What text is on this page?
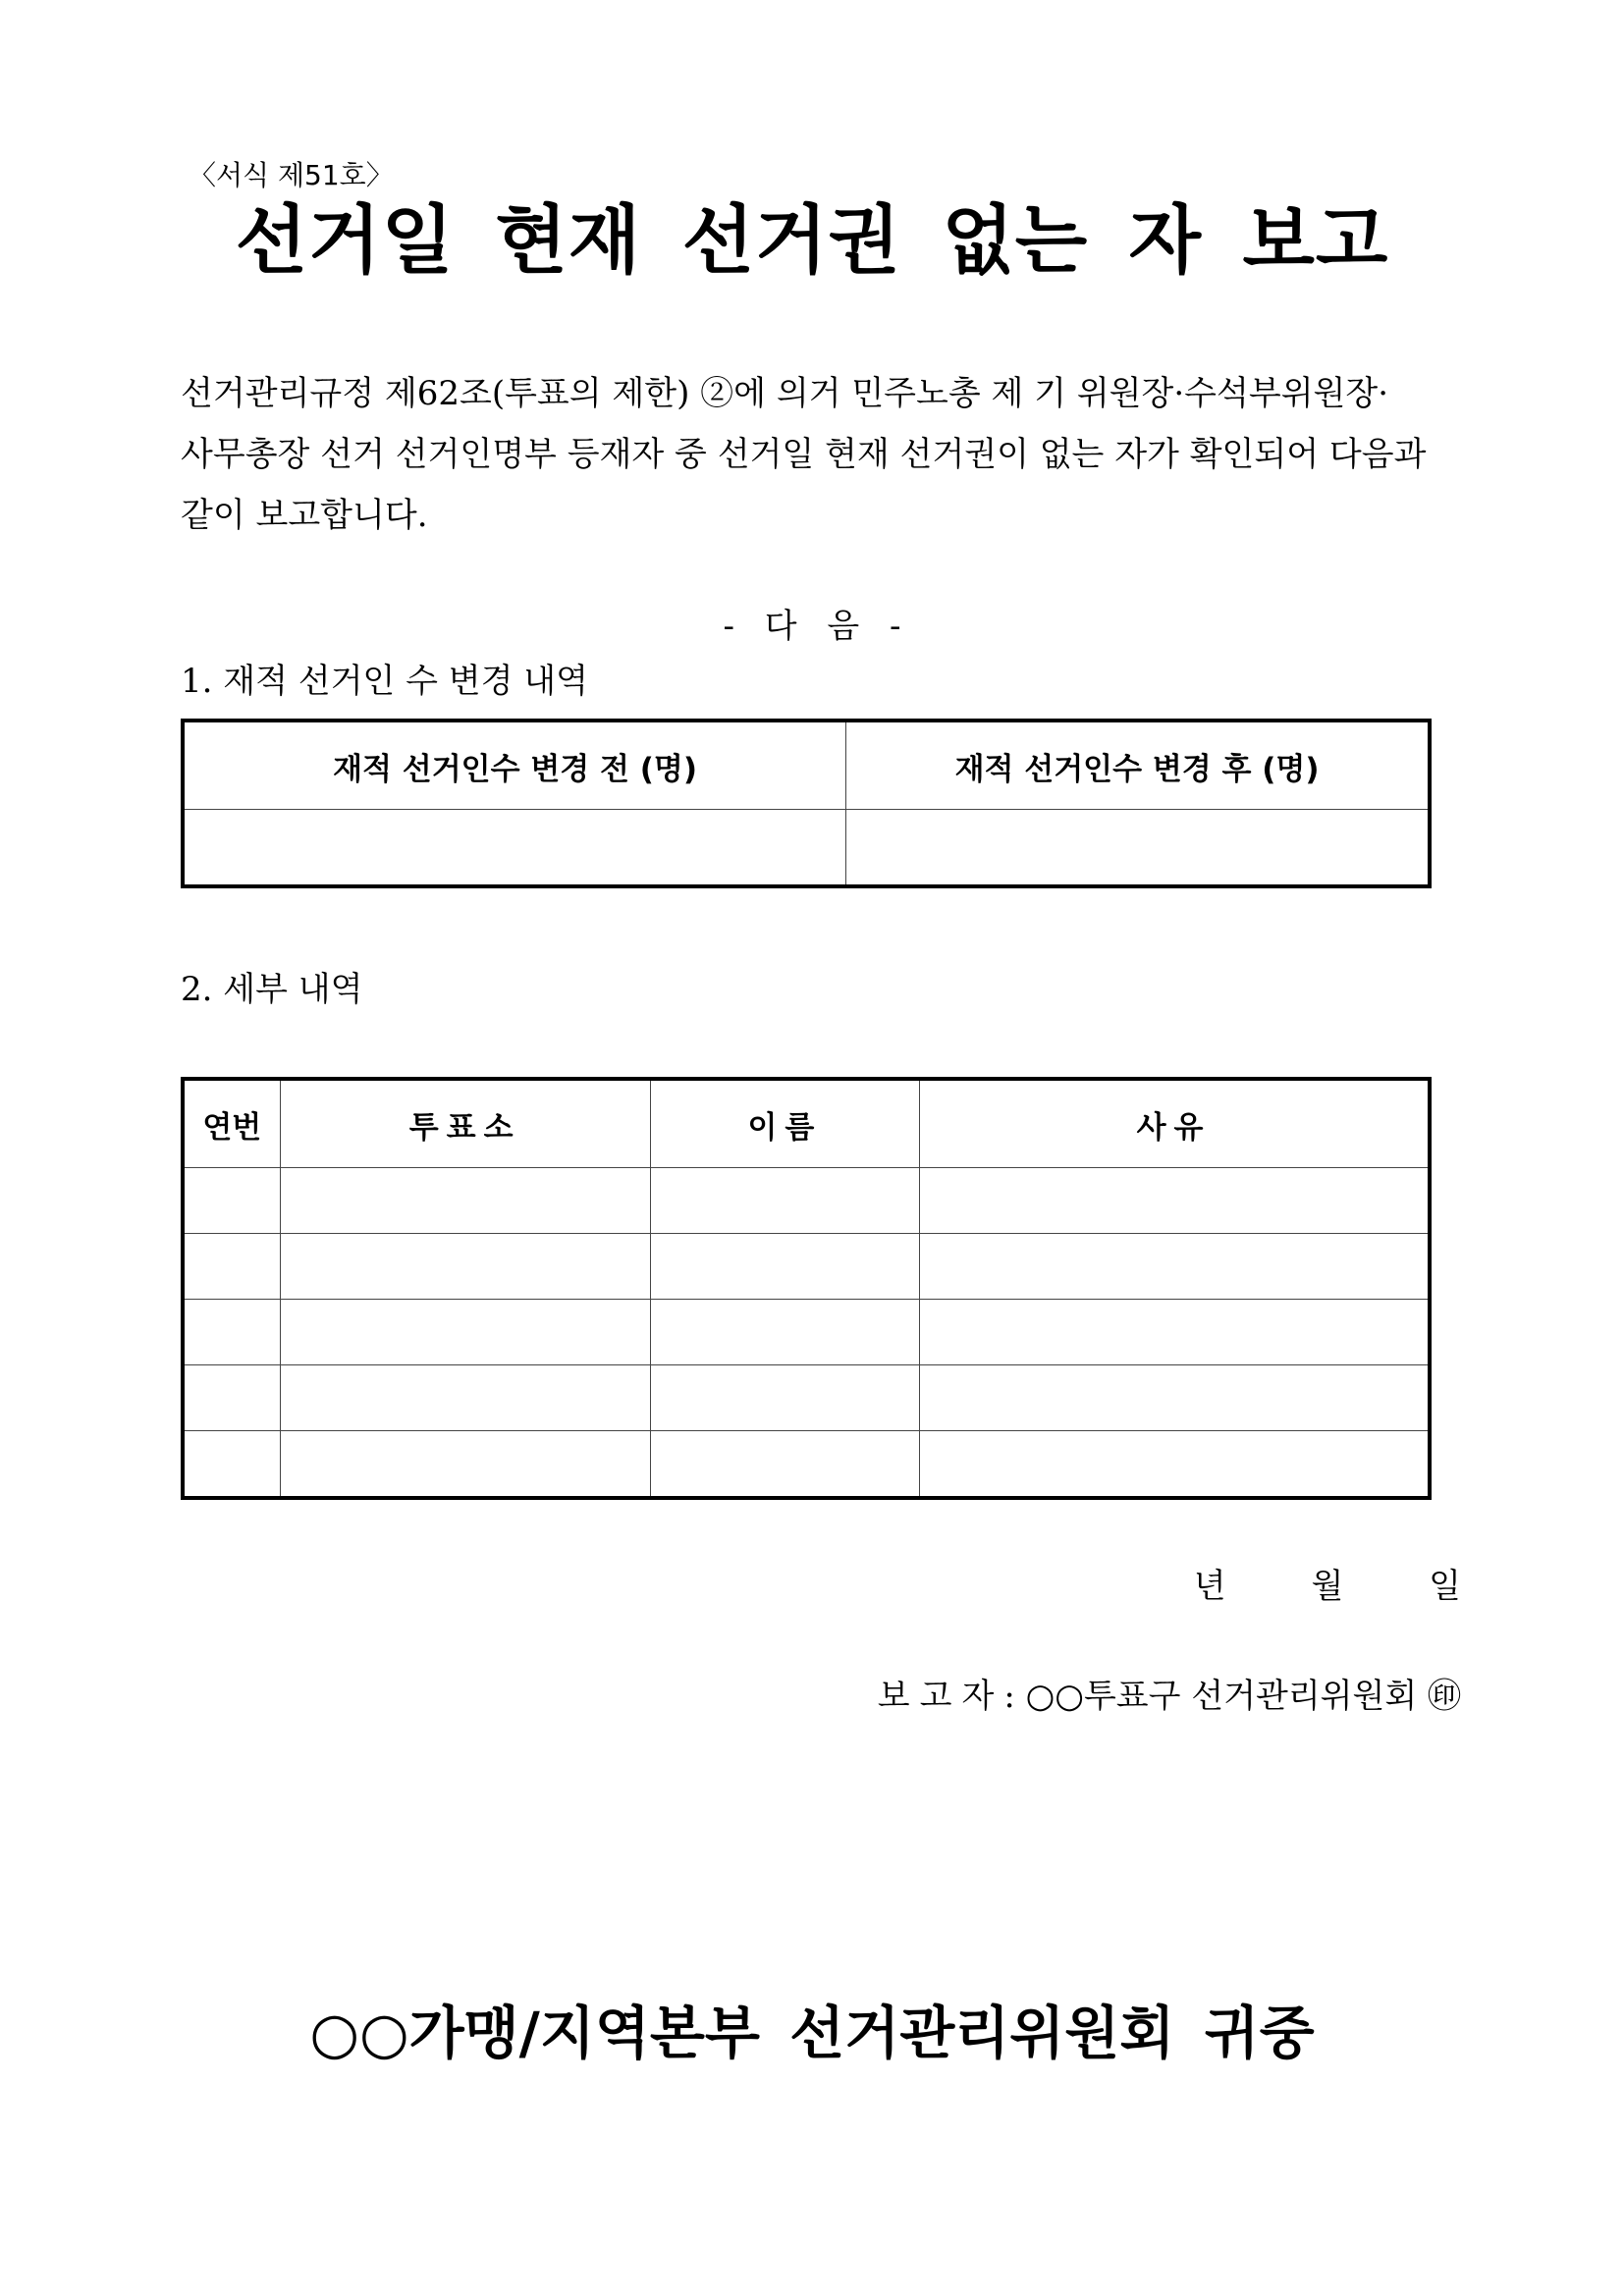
〈서식 제51호〉
선거일 현재 선거권 없는 자 보고
선거관리규정 제62조(투표의 제한) ②에 의거 민주노총 제 기 위원장·수석부위원장·
사무총장 선거 선거인명부 등재자 중 선거일 현재 선거권이 없는 자가 확인되어 다음과
같이 보고합니다.
- 다 음 -
1. 재적 선거인 수 변경 내역
재적 선거인수 변경 전 (명)	재적 선거인수 변경 후 (명)

2. 세부 내역
연번	투표소	이름	사유

년	월	일
보고자: ○○투표구 선거관리위원회 ㊞
○○가맹/지역본부 선거관리위원회 귀중
